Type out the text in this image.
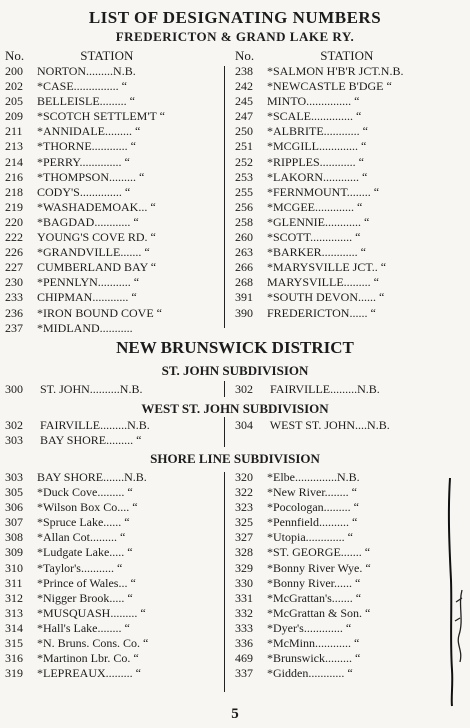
LIST OF DESIGNATING NUMBERS
FREDERICTON & GRAND LAKE RY.
No.	STATION	No.	STATION
200 NORTON.........N.B.
202 *CASE............... “
205 BELLEISLE......... “
209 *SCOTCH SETTLEM'T “
211 *ANNIDALE......... “
213 *THORNE............ “
214 *PERRY.............. “
216 *THOMPSON......... “
218 CODY'S.............. “
219 *WASHADEMOAK... “
220 *BAGDAD............ “
222 YOUNG'S COVE RD. “
226 *GRANDVILLE....... “
227 CUMBERLAND BAY “
230 *PENNLYN........... “
233 CHIPMAN............ “
236 *IRON BOUND COVE “
237 *MIDLAND...........
238 *SALMON H'B'R JCT.N.B.
242 *NEWCASTLE B'DGE “
245 MINTO............... “
247 *SCALE.............. “
250 *ALBRITE............ “
251 *MCGILL............. “
252 *RIPPLES............ “
253 *LAKORN............ “
255 *FERNMOUNT........ “
256 *MCGEE............. “
258 *GLENNIE............ “
260 *SCOTT.............. “
263 *BARKER............ “
266 *MARYSVILLE JCT.. “
268 MARYSVILLE......... “
391 *SOUTH DEVON...... “
390 FREDERICTON...... “
NEW BRUNSWICK DISTRICT
ST. JOHN SUBDIVISION
300 ST. JOHN..........N.B.	302 FAIRVILLE.........N.B.
WEST ST. JOHN SUBDIVISION
302 FAIRVILLE.........N.B.	304 WEST ST. JOHN....N.B.
303 BAY SHORE......... “
SHORE LINE SUBDIVISION
303 BAY SHORE.......N.B.
305 *Duck Cove......... “
306 *Wilson Box Co.... “
307 *Spruce Lake...... “
308 *Allan Cot......... “
309 *Ludgate Lake..... “
310 *Taylor's........... “
311 *Prince of Wales... “
312 *Nigger Brook..... “
313 *MUSQUASH......... “
314 *Hall's Lake........ “
315 *N. Bruns. Cons. Co. “
316 *Martinon Lbr. Co. “
319 *LEPREAUX......... “
320 *Elbe..............N.B.
322 *New River........ “
323 *Pocologan......... “
325 *Pennfield.......... “
327 *Utopia............. “
328 *ST. GEORGE....... “
329 *Bonny River Wye. “
330 *Bonny River...... “
331 *McGrattan's....... “
332 *McGrattan & Son. “
333 *Dyer's............. “
336 *McMinn............ “
469 *Brunswick......... “
337 *Gidden............ “
5
